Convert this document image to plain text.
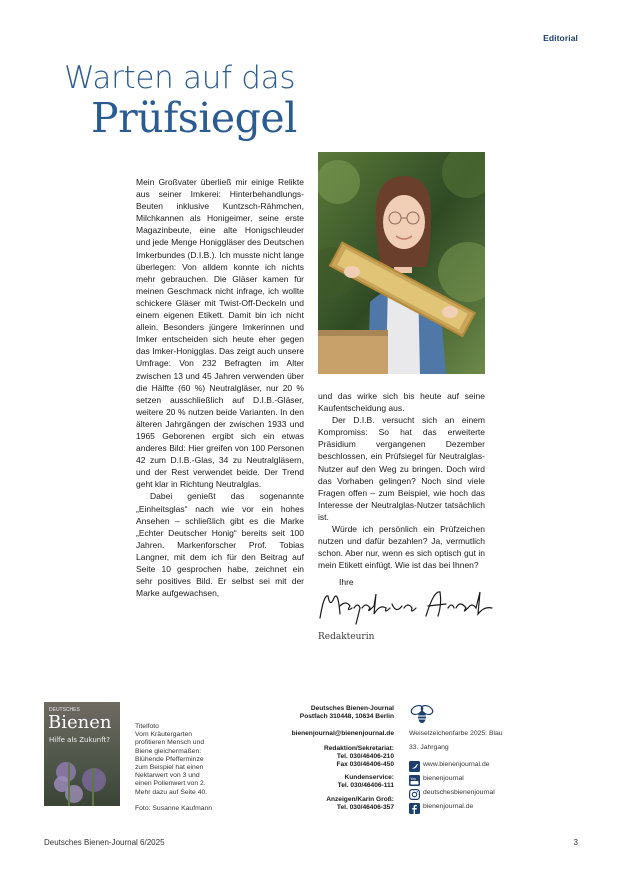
Editorial
Warten auf das
Prüfsiegel

Mein Großvater überließ mir einige Relikte aus seiner Imkerei: Hinterbehandlungs-Beuten inklusive Kuntzsch-Rähmchen, Milchkannen als Honigeimer, seine erste Magazinbeute, eine alte Honigschleuder und jede Menge Honiggläser des Deutschen Imkerbundes (D.I.B.). Ich musste nicht lange überlegen: Von alldem konnte ich nichts mehr gebrauchen. Die Gläser kamen für meinen Geschmack nicht infrage, ich wollte schickere Gläser mit Twist-Off-Deckeln und einem eigenen Etikett. Damit bin ich nicht allein. Besonders jüngere Imkerinnen und Imker entscheiden sich heute eher gegen das Imker-Honigglas. Das zeigt auch unsere Umfrage: Von 232 Befragten im Alter zwischen 13 und 45 Jahren verwenden über die Hälfte (60 %) Neutralgläser, nur 20 % setzen ausschließlich auf D.I.B.-Gläser, weitere 20 % nutzen beide Varianten. In den älteren Jahrgängen der zwischen 1933 und 1965 Geborenen ergibt sich ein etwas anderes Bild: Hier greifen von 100 Personen 42 zum D.I.B.-Glas, 34 zu Neutralgläsern, und der Rest verwendet beide. Der Trend geht klar in Richtung Neutralglas.

Dabei genießt das sogenannte „Einheitsglas“ nach wie vor ein hohes Ansehen – schließlich gibt es die Marke „Echter Deutscher Honig“ bereits seit 100 Jahren. Markenforscher Prof. Tobias Langner, mit dem ich für den Beitrag auf Seite 10 gesprochen habe, zeichnet ein sehr positives Bild. Er selbst sei mit der Marke aufgewachsen,

und das wirke sich bis heute auf seine Kaufentscheidung aus.

Der D.I.B. versucht sich an einem Kompromiss: So hat das erweiterte Präsidium vergangenen Dezember beschlossen, ein Prüfsiegel für Neutralglas-Nutzer auf den Weg zu bringen. Doch wird das Vorhaben gelingen? Noch sind viele Fragen offen – zum Beispiel, wie hoch das Interesse der Neutralglas-Nutzer tatsächlich ist.

Würde ich persönlich ein Prüfzeichen nutzen und dafür bezahlen? Ja, vermutlich schon. Aber nur, wenn es sich optisch gut in mein Etikett einfügt. Wie ist das bei Ihnen?

Ihre
Redakteurin
DEUTSCHES
Bienen
Hilfe als Zukunft?

Titelfoto

Vom Kräutergarten

profitieren Mensch und

Biene gleichermaßen:

Blühende Pfefferminze

zum Beispiel hat einen

Nektarwert von 3 und

einen Pollenwert von 2.

Mehr dazu auf Seite 40.

Foto: Susanne Kaufmann

Deutsches Bienen-Journal
Postfach 310448, 10634 Berlin
bienenjournal@bienenjournal.de
Redaktion/Sekretariat:
Tel. 030/46406-210
Fax 030/46406-450
Kundenservice:
Tel. 030/46406-111
Anzeigen/Karin Groß:
Tel. 030/46406-357
Weiselzeichenfarbe 2025: Blau
33. Jahrgang
www.bienenjournal.de
You bienenjournal
deutschesbienenjournal
bienenjournal.de
Deutsches Bienen-Journal 6/2025	3
